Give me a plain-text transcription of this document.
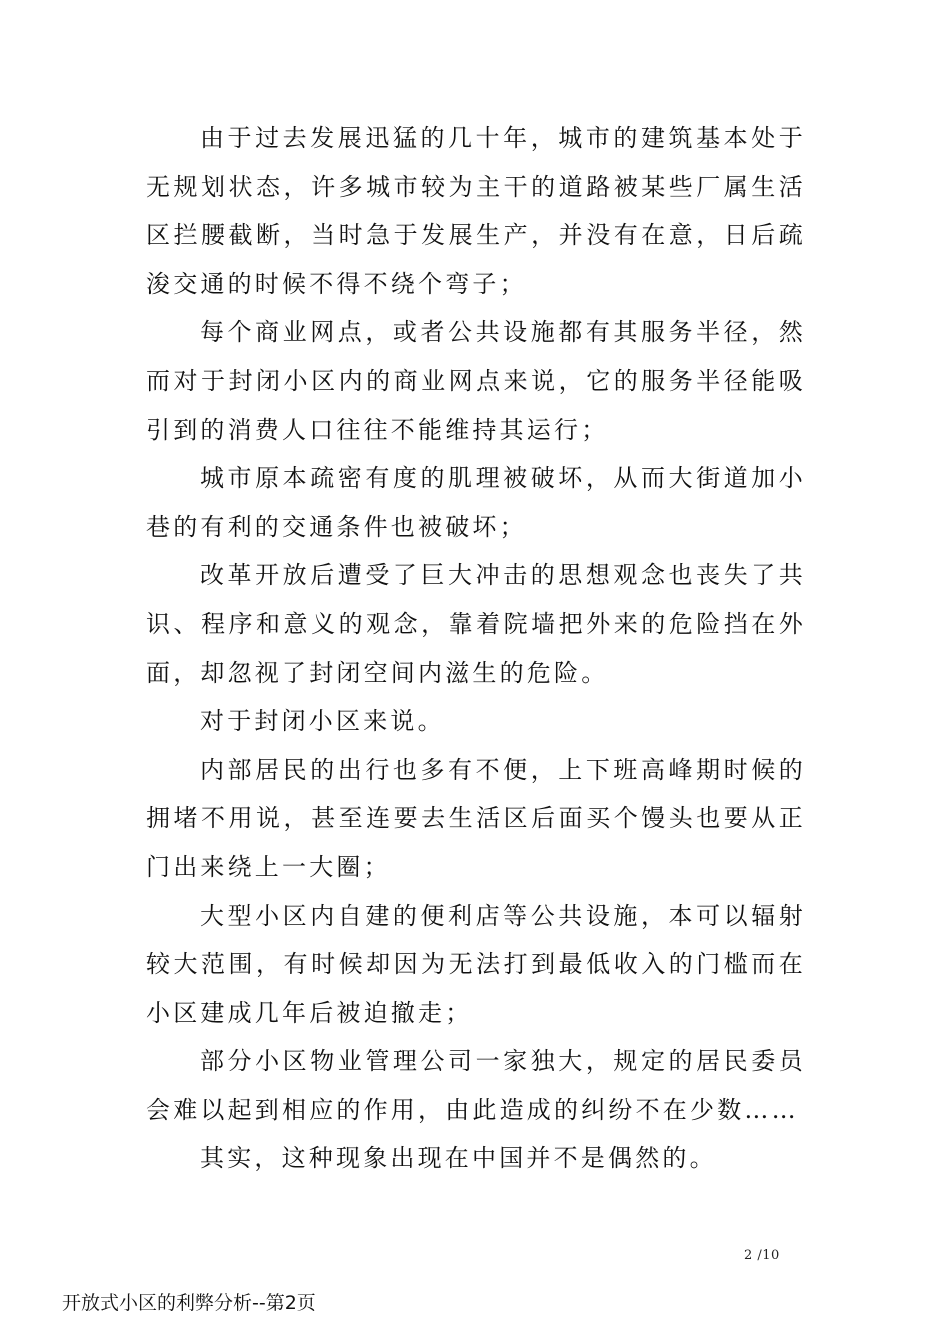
由于过去发展迅猛的几十年，城市的建筑基本处于无规划状态，许多城市较为主干的道路被某些厂属生活区拦腰截断，当时急于发展生产，并没有在意，日后疏浚交通的时候不得不绕个弯子；

每个商业网点，或者公共设施都有其服务半径，然而对于封闭小区内的商业网点来说，它的服务半径能吸引到的消费人口往往不能维持其运行；

城市原本疏密有度的肌理被破坏，从而大街道加小巷的有利的交通条件也被破坏；

改革开放后遭受了巨大冲击的思想观念也丧失了共识、程序和意义的观念，靠着院墙把外来的危险挡在外面，却忽视了封闭空间内滋生的危险。

对于封闭小区来说。

内部居民的出行也多有不便，上下班高峰期时候的拥堵不用说，甚至连要去生活区后面买个馒头也要从正门出来绕上一大圈；

大型小区内自建的便利店等公共设施，本可以辐射较大范围，有时候却因为无法打到最低收入的门槛而在小区建成几年后被迫撤走；

部分小区物业管理公司一家独大，规定的居民委员会难以起到相应的作用，由此造成的纠纷不在少数……

其实，这种现象出现在中国并不是偶然的。

2 /10
开放式小区的利弊分析--第2页
